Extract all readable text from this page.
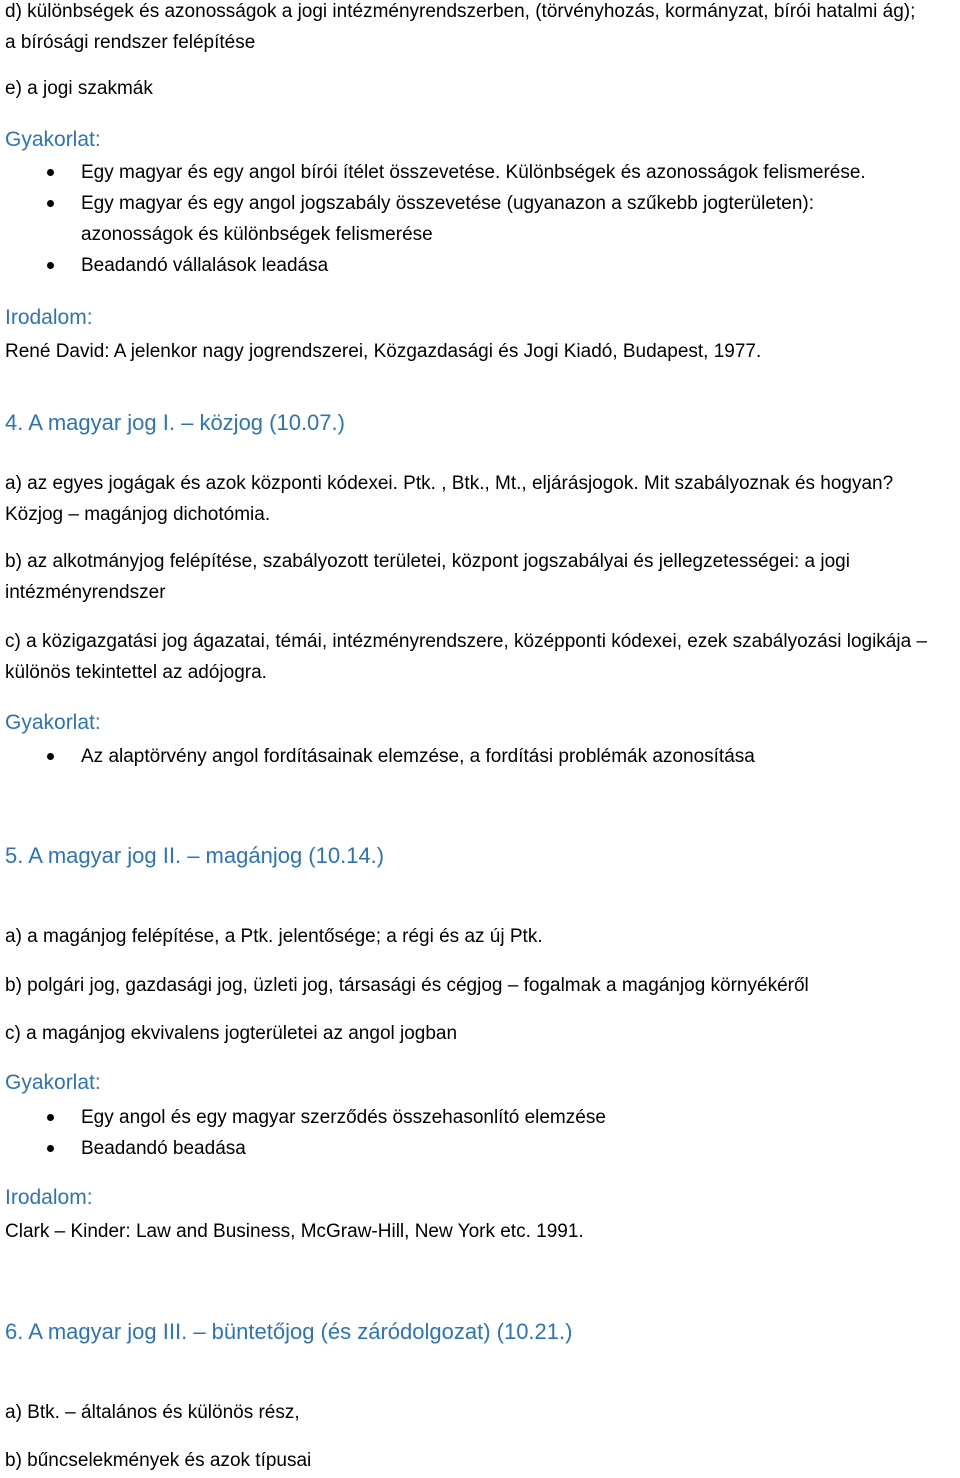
d) különbségek és azonosságok a jogi intézményrendszerben, (törvényhozás, kormányzat, bírói hatalmi ág); a bírósági rendszer felépítése

e) a jogi szakmák

Gyakorlat:

Egy magyar és egy angol bírói ítélet összevetése. Különbségek és azonosságok felismerése.
Egy magyar és egy angol jogszabály összevetése (ugyanazon a szűkebb jogterületen): azonosságok és különbségek felismerése
Beadandó vállalások leadása

Irodalom:

René David: A jelenkor nagy jogrendszerei, Közgazdasági és Jogi Kiadó, Budapest, 1977.

4. A magyar jog I. – közjog (10.07.)

a) az egyes jogágak és azok központi kódexei. Ptk. , Btk., Mt., eljárásjogok. Mit szabályoznak és hogyan? Közjog – magánjog dichotómia.

b) az alkotmányjog felépítése, szabályozott területei, központ jogszabályai és jellegzetességei: a jogi intézményrendszer

c) a közigazgatási jog ágazatai, témái, intézményrendszere, középponti kódexei, ezek szabályozási logikája – különös tekintettel az adójogra.

Gyakorlat:

Az alaptörvény angol fordításainak elemzése, a fordítási problémák azonosítása

5. A magyar jog II. – magánjog (10.14.)

a) a magánjog felépítése, a Ptk. jelentősége; a régi és az új Ptk.

b) polgári jog, gazdasági jog, üzleti jog, társasági és cégjog – fogalmak a magánjog környékéről

c) a magánjog ekvivalens jogterületei az angol jogban

Gyakorlat:

Egy angol és egy magyar szerződés összehasonlító elemzése
Beadandó beadása

Irodalom:

Clark – Kinder: Law and Business, McGraw-Hill, New York etc. 1991.

6. A magyar jog III. – büntetőjog (és záródolgozat) (10.21.)

a) Btk. – általános és különös rész,

b) bűncselekmények és azok típusai
